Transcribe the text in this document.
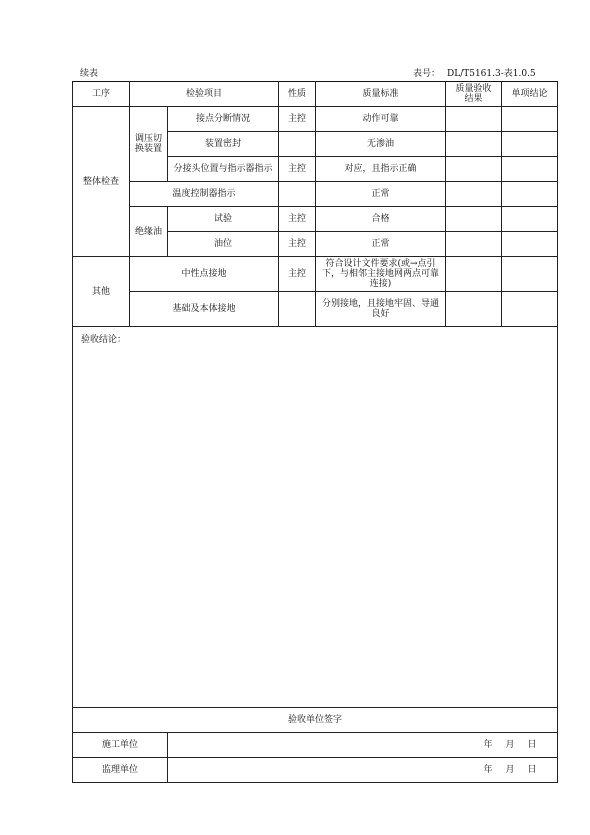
续表	表号： DL/T5161.3-表1.0.5
工序	检验项目		性质	质量标准	质量验收结果	单项结论
整体检查	调压切换装置	接点分断情况	主控	动作可靠		
		装置密封		无渗油		
		分接头位置与指示器指示	主控	对应，且指示正确		
	温度控制器指示			正常		
	绝缘油	试验	主控	合格		
		油位	主控	正常		
其他	中性点接地		主控	符合设计文件要求(或→点引下，与相邻主接地网两点可靠连接)		

	基础及本体接地			分别接地，且接地牢固、导通良好		

验收结论：						
验收单位签字						
施工单位		年 月 日				
监理单位		年 月 日				
